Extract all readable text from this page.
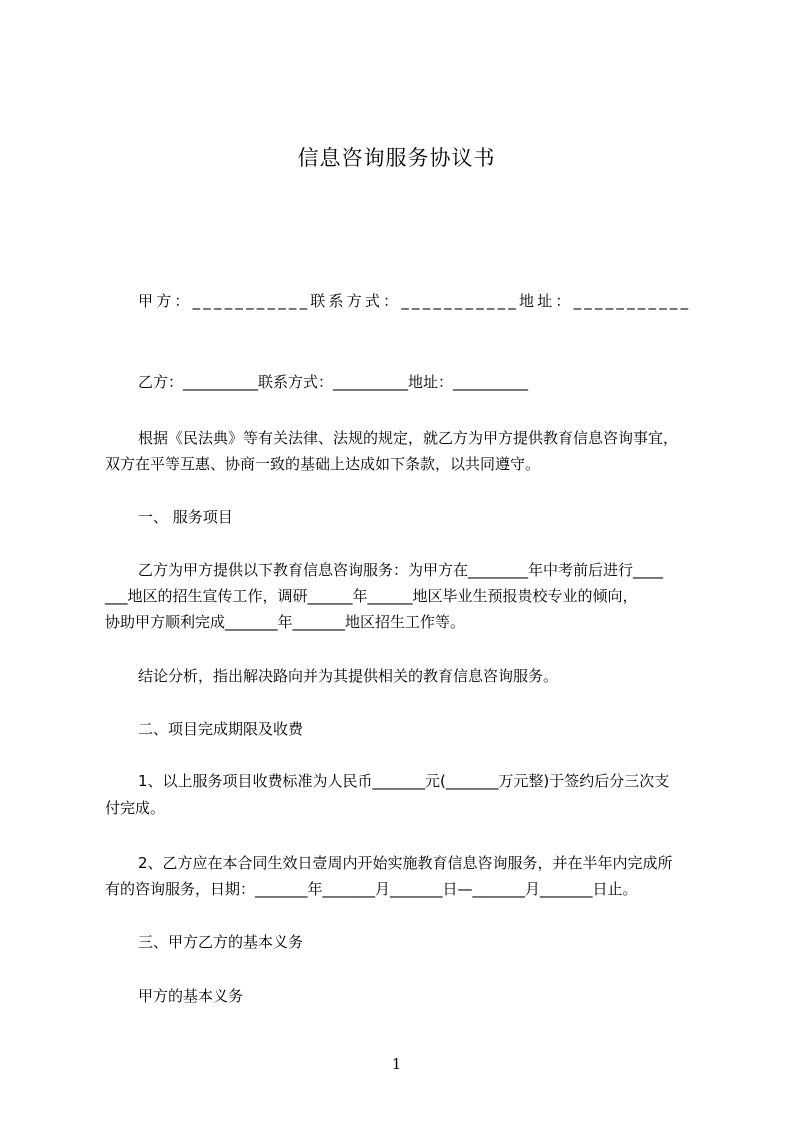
信息咨询服务协议书
甲方：___________联系方式：___________地址：___________
乙方：__________联系方式：__________地址：__________
根据《民法典》等有关法律、法规的规定，就乙方为甲方提供教育信息咨询事宜，
双方在平等互惠、协商一致的基础上达成如下条款，以共同遵守。
一、 服务项目
乙方为甲方提供以下教育信息咨询服务：为甲方在________年中考前后进行____
___地区的招生宣传工作，调研______年______地区毕业生预报贵校专业的倾向，
协助甲方顺利完成_______年_______地区招生工作等。
结论分析，指出解决路向并为其提供相关的教育信息咨询服务。
二、项目完成期限及收费
1、以上服务项目收费标准为人民币_______元(_______万元整)于签约后分三次支
付完成。
2、乙方应在本合同生效日壹周内开始实施教育信息咨询服务，并在半年内完成所
有的咨询服务，日期：_______年_______月_______日—_______月_______日止。
三、甲方乙方的基本义务
甲方的基本义务
1
